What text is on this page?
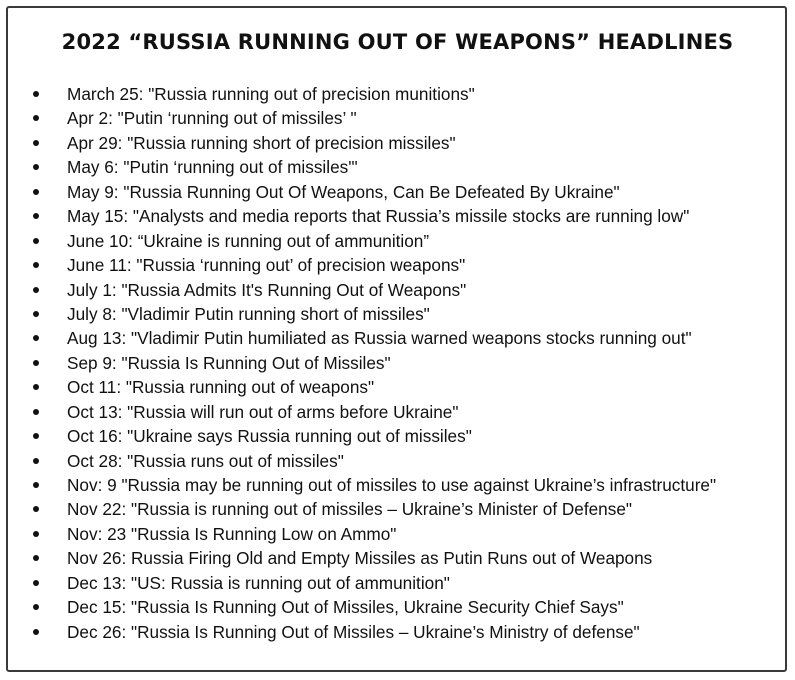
2022 “RUSSIA RUNNING OUT OF WEAPONS” HEADLINES
March 25: "Russia running out of precision munitions"
Apr 2: "Putin ‘running out of missiles’ "
Apr 29: "Russia running short of precision missiles"
May 6: "Putin ‘running out of missiles'"
May 9: "Russia Running Out Of Weapons, Can Be Defeated By Ukraine"
May 15: "Analysts and media reports that Russia’s missile stocks are running low"
June 10: “Ukraine is running out of ammunition”
June 11: "Russia ‘running out’ of precision weapons"
July 1: "Russia Admits It's Running Out of Weapons"
July 8: "Vladimir Putin running short of missiles"
Aug 13: "Vladimir Putin humiliated as Russia warned weapons stocks running out"
Sep 9: "Russia Is Running Out of Missiles"
Oct 11: "Russia running out of weapons"
Oct 13: "Russia will run out of arms before Ukraine"
Oct 16: "Ukraine says Russia running out of missiles"
Oct 28: "Russia runs out of missiles"
Nov: 9 "Russia may be running out of missiles to use against Ukraine’s infrastructure"
Nov 22: "Russia is running out of missiles – Ukraine’s Minister of Defense"
Nov: 23 "Russia Is Running Low on Ammo"
Nov 26: Russia Firing Old and Empty Missiles as Putin Runs out of Weapons
Dec 13: "US: Russia is running out of ammunition"
Dec 15: "Russia Is Running Out of Missiles, Ukraine Security Chief Says"
Dec 26: "Russia Is Running Out of Missiles – Ukraine’s Ministry of defense"
